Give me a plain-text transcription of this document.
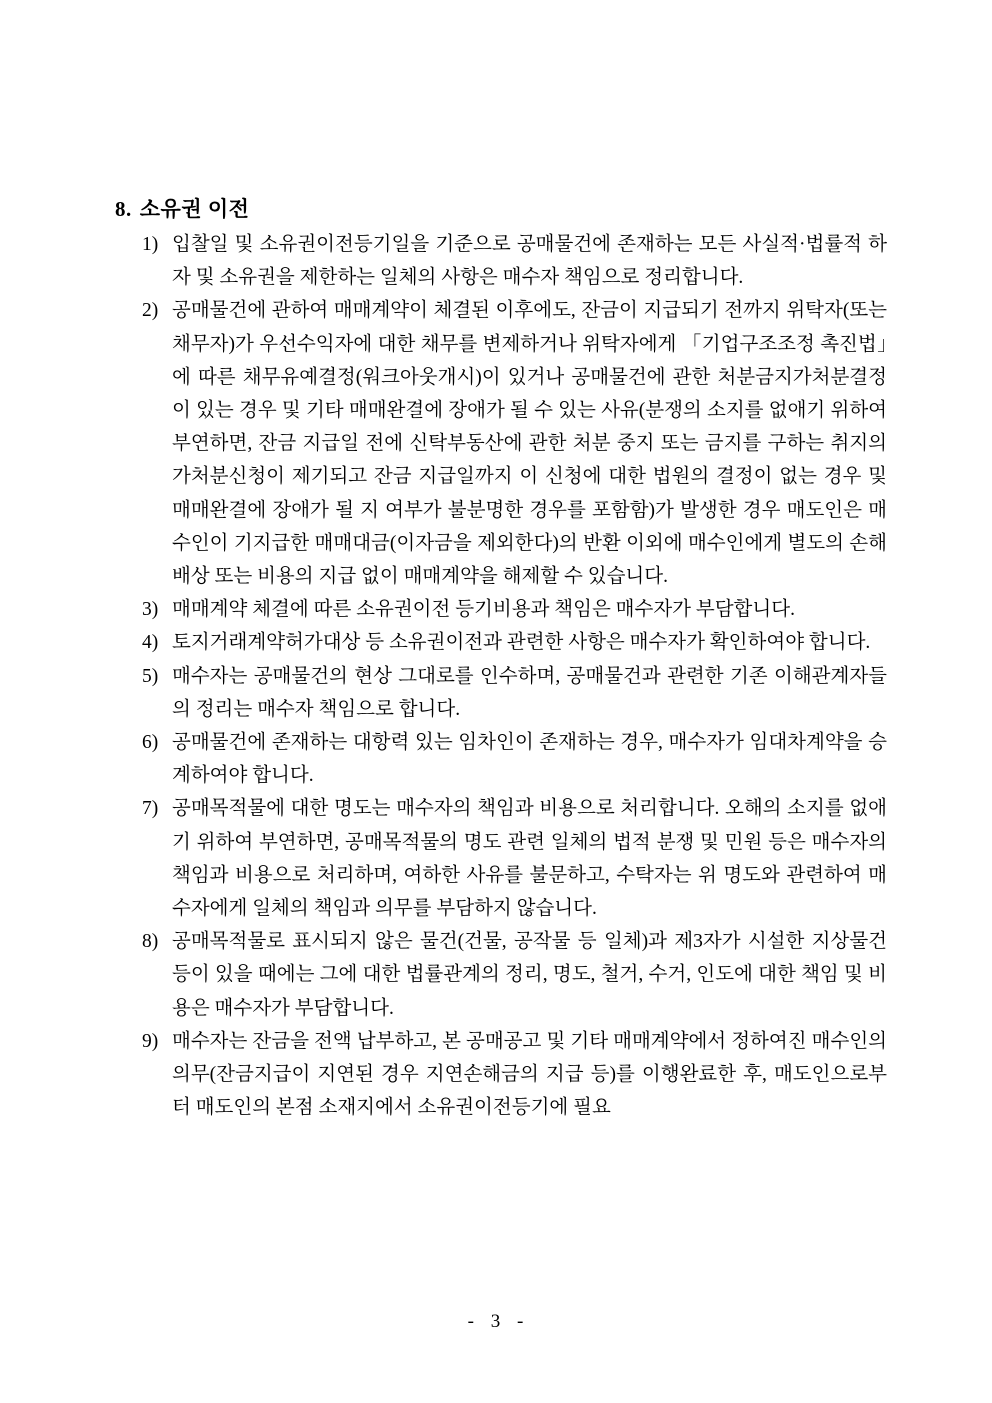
8. 소유권 이전
1) 입찰일 및 소유권이전등기일을 기준으로 공매물건에 존재하는 모든 사실적·법률적 하자 및 소유권을 제한하는 일체의 사항은 매수자 책임으로 정리합니다.
2) 공매물건에 관하여 매매계약이 체결된 이후에도, 잔금이 지급되기 전까지 위탁자(또는 채무자)가 우선수익자에 대한 채무를 변제하거나 위탁자에게 「기업구조조정 촉진법」에 따른 채무유예결정(워크아웃개시)이 있거나 공매물건에 관한 처분금지가처분결정이 있는 경우 및 기타 매매완결에 장애가 될 수 있는 사유(분쟁의 소지를 없애기 위하여 부연하면, 잔금 지급일 전에 신탁부동산에 관한 처분 중지 또는 금지를 구하는 취지의 가처분신청이 제기되고 잔금 지급일까지 이 신청에 대한 법원의 결정이 없는 경우 및 매매완결에 장애가 될 지 여부가 불분명한 경우를 포함함)가 발생한 경우 매도인은 매수인이 기지급한 매매대금(이자금을 제외한다)의 반환 이외에 매수인에게 별도의 손해배상 또는 비용의 지급 없이 매매계약을 해제할 수 있습니다.
3) 매매계약 체결에 따른 소유권이전 등기비용과 책임은 매수자가 부담합니다.
4) 토지거래계약허가대상 등 소유권이전과 관련한 사항은 매수자가 확인하여야 합니다.
5) 매수자는 공매물건의 현상 그대로를 인수하며, 공매물건과 관련한 기존 이해관계자들의 정리는 매수자 책임으로 합니다.
6) 공매물건에 존재하는 대항력 있는 임차인이 존재하는 경우, 매수자가 임대차계약을 승계하여야 합니다.
7) 공매목적물에 대한 명도는 매수자의 책임과 비용으로 처리합니다. 오해의 소지를 없애기 위하여 부연하면, 공매목적물의 명도 관련 일체의 법적 분쟁 및 민원 등은 매수자의 책임과 비용으로 처리하며, 여하한 사유를 불문하고, 수탁자는 위 명도와 관련하여 매수자에게 일체의 책임과 의무를 부담하지 않습니다.
8) 공매목적물로 표시되지 않은 물건(건물, 공작물 등 일체)과 제3자가 시설한 지상물건 등이 있을 때에는 그에 대한 법률관계의 정리, 명도, 철거, 수거, 인도에 대한 책임 및 비용은 매수자가 부담합니다.
9) 매수자는 잔금을 전액 납부하고, 본 공매공고 및 기타 매매계약에서 정하여진 매수인의 의무(잔금지급이 지연된 경우 지연손해금의 지급 등)를 이행완료한 후, 매도인으로부터 매도인의 본점 소재지에서 소유권이전등기에 필요
- 3 -
